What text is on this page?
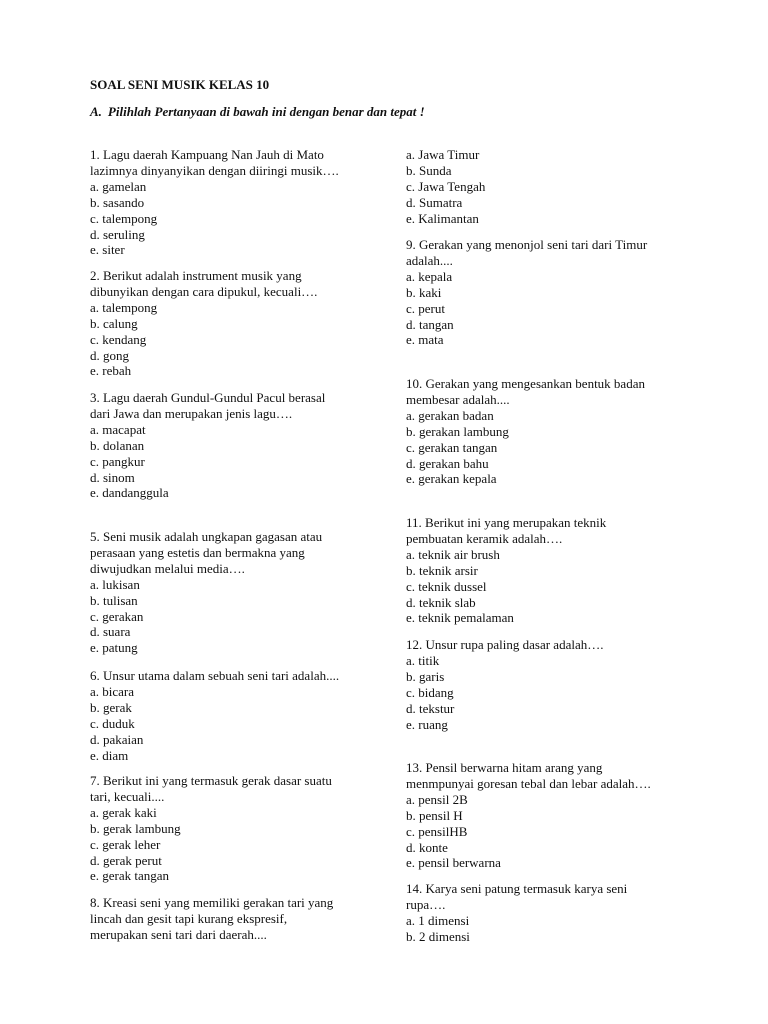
SOAL SENI MUSIK KELAS 10
A. Pilihlah Pertanyaan di bawah ini dengan benar dan tepat !
1. Lagu daerah Kampuang Nan Jauh di Mato
lazimnya dinyanyikan dengan diiringi musik….
a. gamelan
b. sasando
c. talempong
d. seruling
e. siter
2. Berikut adalah instrument musik yang
dibunyikan dengan cara dipukul, kecuali….
a. talempong
b. calung
c. kendang
d. gong
e. rebah
3. Lagu daerah Gundul-Gundul Pacul berasal
dari Jawa dan merupakan jenis lagu….
a. macapat
b. dolanan
c. pangkur
d. sinom
e. dandanggula
5. Seni musik adalah ungkapan gagasan atau
perasaan yang estetis dan bermakna yang
diwujudkan melalui media….
a. lukisan
b. tulisan
c. gerakan
d. suara
e. patung
6. Unsur utama dalam sebuah seni tari adalah....
a. bicara
b. gerak
c. duduk
d. pakaian
e. diam
7. Berikut ini yang termasuk gerak dasar suatu
tari, kecuali....
a. gerak kaki
b. gerak lambung
c. gerak leher
d. gerak perut
e. gerak tangan
8. Kreasi seni yang memiliki gerakan tari yang
lincah dan gesit tapi kurang ekspresif,
merupakan seni tari dari daerah....
a. Jawa Timur
b. Sunda
c. Jawa Tengah
d. Sumatra
e. Kalimantan
9. Gerakan yang menonjol seni tari dari Timur
adalah....
a. kepala
b. kaki
c. perut
d. tangan
e. mata
10. Gerakan yang mengesankan bentuk badan
membesar adalah....
a. gerakan badan
b. gerakan lambung
c. gerakan tangan
d. gerakan bahu
e. gerakan kepala
11. Berikut ini yang merupakan teknik
pembuatan keramik adalah….
a. teknik air brush
b. teknik arsir
c. teknik dussel
d. teknik slab
e. teknik pemalaman
12. Unsur rupa paling dasar adalah….
a. titik
b. garis
c. bidang
d. tekstur
e. ruang
13. Pensil berwarna hitam arang yang
menmpunyai goresan tebal dan lebar adalah….
a. pensil 2B
b. pensil H
c. pensilHB
d. konte
e. pensil berwarna
14. Karya seni patung termasuk karya seni
rupa….
a. 1 dimensi
b. 2 dimensi
